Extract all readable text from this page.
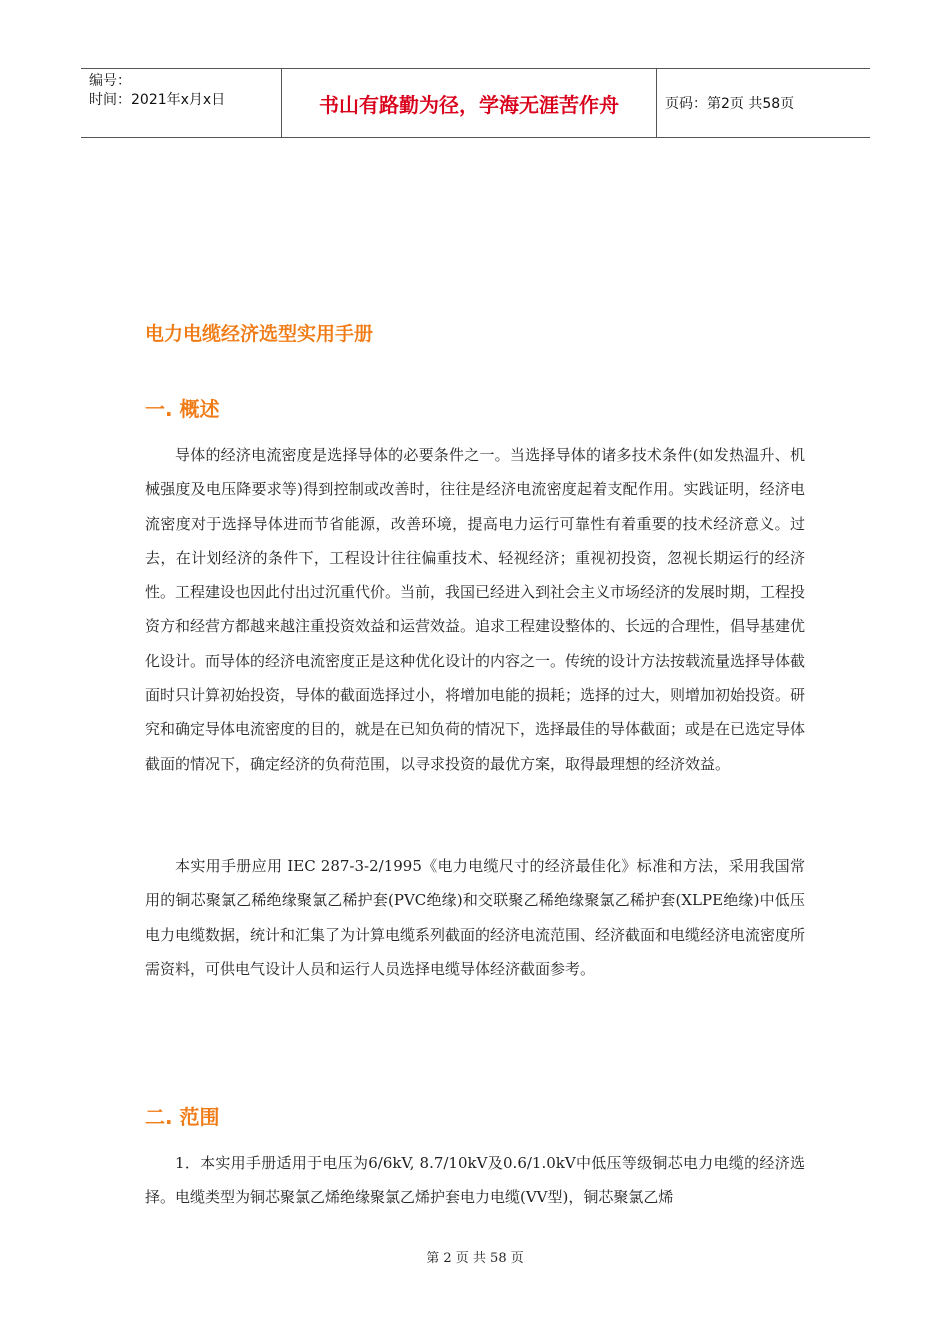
编号：
时间：2021年x月x日	书山有路勤为径，学海无涯苦作舟	页码：第2页 共58页
电力电缆经济选型实用手册
一. 概述

导体的经济电流密度是选择导体的必要条件之一。当选择导体的诸多技术条件(如发热温升、机械强度及电压降要求等)得到控制或改善时，往往是经济电流密度起着支配作用。实践证明，经济电流密度对于选择导体进而节省能源，改善环境，提高电力运行可靠性有着重要的技术经济意义。过去，在计划经济的条件下，工程设计往往偏重技术、轻视经济；重视初投资，忽视长期运行的经济性。工程建设也因此付出过沉重代价。当前，我国已经进入到社会主义市场经济的发展时期，工程投资方和经营方都越来越注重投资效益和运营效益。追求工程建设整体的、长远的合理性，倡导基建优化设计。而导体的经济电流密度正是这种优化设计的内容之一。传统的设计方法按载流量选择导体截面时只计算初始投资，导体的截面选择过小，将增加电能的损耗；选择的过大，则增加初始投资。研究和确定导体电流密度的目的，就是在已知负荷的情况下，选择最佳的导体截面；或是在已选定导体截面的情况下，确定经济的负荷范围，以寻求投资的最优方案，取得最理想的经济效益。

本实用手册应用 IEC 287-3-2/1995《电力电缆尺寸的经济最佳化》标准和方法，采用我国常用的铜芯聚氯乙稀绝缘聚氯乙稀护套(PVC绝缘)和交联聚乙稀绝缘聚氯乙稀护套(XLPE绝缘)中低压电力电缆数据，统计和汇集了为计算电缆系列截面的经济电流范围、经济截面和电缆经济电流密度所需资料，可供电气设计人员和运行人员选择电缆导体经济截面参考。

二. 范围

1．本实用手册适用于电压为6/6kV, 8.7/10kV及0.6/1.0kV中低压等级铜芯电力电缆的经济选择。电缆类型为铜芯聚氯乙烯绝缘聚氯乙烯护套电力电缆(VV型)，铜芯聚氯乙烯

第 2 页 共 58 页
